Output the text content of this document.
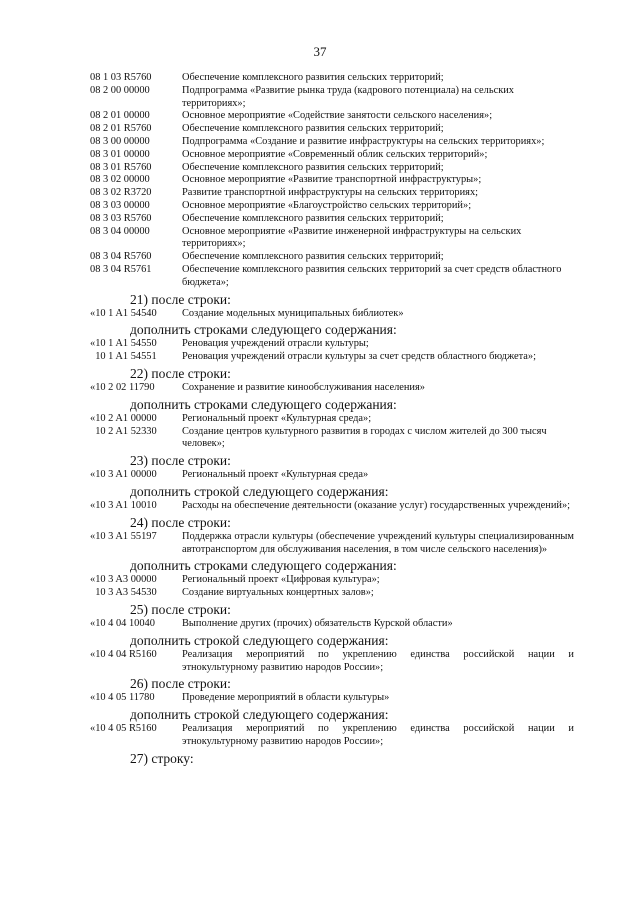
37
08 1 03 R5760	Обеспечение комплексного развития сельских территорий;
08 2 00 00000	Подпрограмма «Развитие рынка труда (кадрового потенциала) на сельских территориях»;
08 2 01 00000	Основное мероприятие «Содействие занятости сельского населения»;
08 2 01 R5760	Обеспечение комплексного развития сельских территорий;
08 3 00 00000	Подпрограмма «Создание и развитие инфраструктуры на сельских территориях»;
08 3 01 00000	Основное мероприятие «Современный облик сельских территорий»;
08 3 01 R5760	Обеспечение комплексного развития сельских территорий;
08 3 02 00000	Основное мероприятие «Развитие транспортной инфраструктуры»;
08 3 02 R3720	Развитие транспортной инфраструктуры на сельских территориях;
08 3 03 00000	Основное мероприятие «Благоустройство сельских территорий»;
08 3 03 R5760	Обеспечение комплексного развития сельских территорий;
08 3 04 00000	Основное мероприятие «Развитие инженерной инфраструктуры на сельских территориях»;
08 3 04 R5760	Обеспечение комплексного развития сельских территорий;
08 3 04 R5761	Обеспечение комплексного развития сельских территорий за счет средств областного бюджета»;
21) после строки:
«10 1 A1 54540	Создание модельных муниципальных библиотек»
дополнить строками следующего содержания:
«10 1 A1 54550	Реновация учреждений отрасли культуры;
10 1 A1 54551	Реновация учреждений отрасли культуры за счет средств областного бюджета»;
22) после строки:
«10 2 02 11790	Сохранение и развитие кинообслуживания населения»
дополнить строками следующего содержания:
«10 2 A1 00000	Региональный проект «Культурная среда»;
10 2 A1 52330	Создание центров культурного развития в городах с числом жителей до 300 тысяч человек»;
23) после строки:
«10 3 A1 00000	Региональный проект «Культурная среда»
дополнить строкой следующего содержания:
«10 3 A1 10010	Расходы на обеспечение деятельности (оказание услуг) государственных учреждений»;
24) после строки:
«10 3 A1 55197	Поддержка отрасли культуры (обеспечение учреждений культуры специализированным автотранспортом для обслуживания населения, в том числе сельского населения)»
дополнить строками следующего содержания:
«10 3 A3 00000	Региональный проект «Цифровая культура»;
10 3 A3 54530	Создание виртуальных концертных залов»;
25) после строки:
«10 4 04 10040	Выполнение других (прочих) обязательств Курской области»
дополнить строкой следующего содержания:
«10 4 04 R5160	Реализация мероприятий по укреплению единства российской нации и этнокультурному развитию народов России»;
26) после строки:
«10 4 05 11780	Проведение мероприятий в области культуры»
дополнить строкой следующего содержания:
«10 4 05 R5160	Реализация мероприятий по укреплению единства российской нации и этнокультурному развитию народов России»;
27) строку:
